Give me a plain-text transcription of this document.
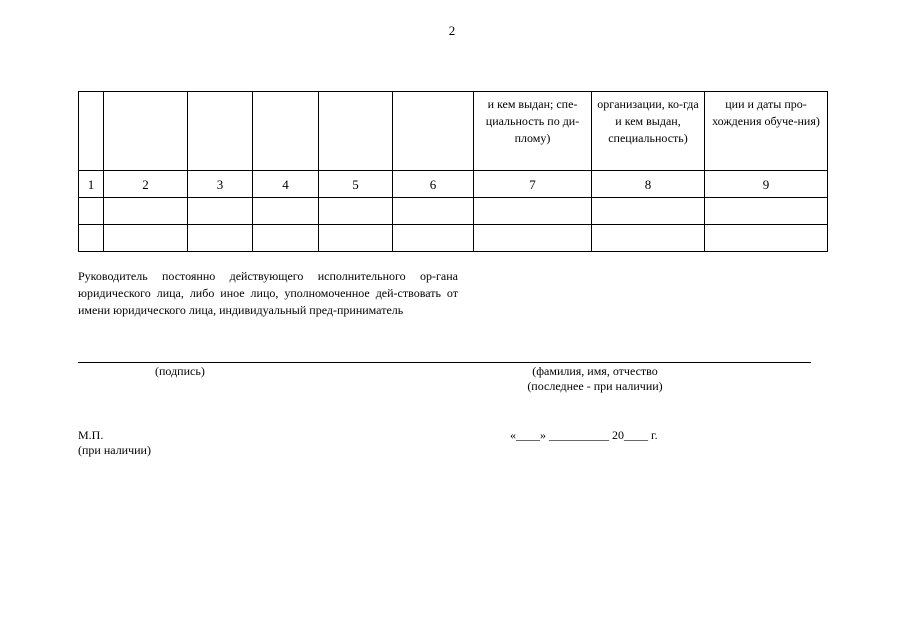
2
						и кем выдан; спе-циальность по ди-плому)	организации, ко-гда и кем выдан, специальность)	ции и даты про-хождения обуче-ния)
1	2	3	4	5	6	7	8	9

Руководитель постоянно действующего исполнительного ор-гана юридического лица, либо иное лицо, уполномоченное дей-ствовать от имени юридического лица, индивидуальный пред-приниматель
(подпись)	(фамилия, имя, отчество
(последнее - при наличии)
М.П.
(при наличии)
«____» __________ 20____ г.
